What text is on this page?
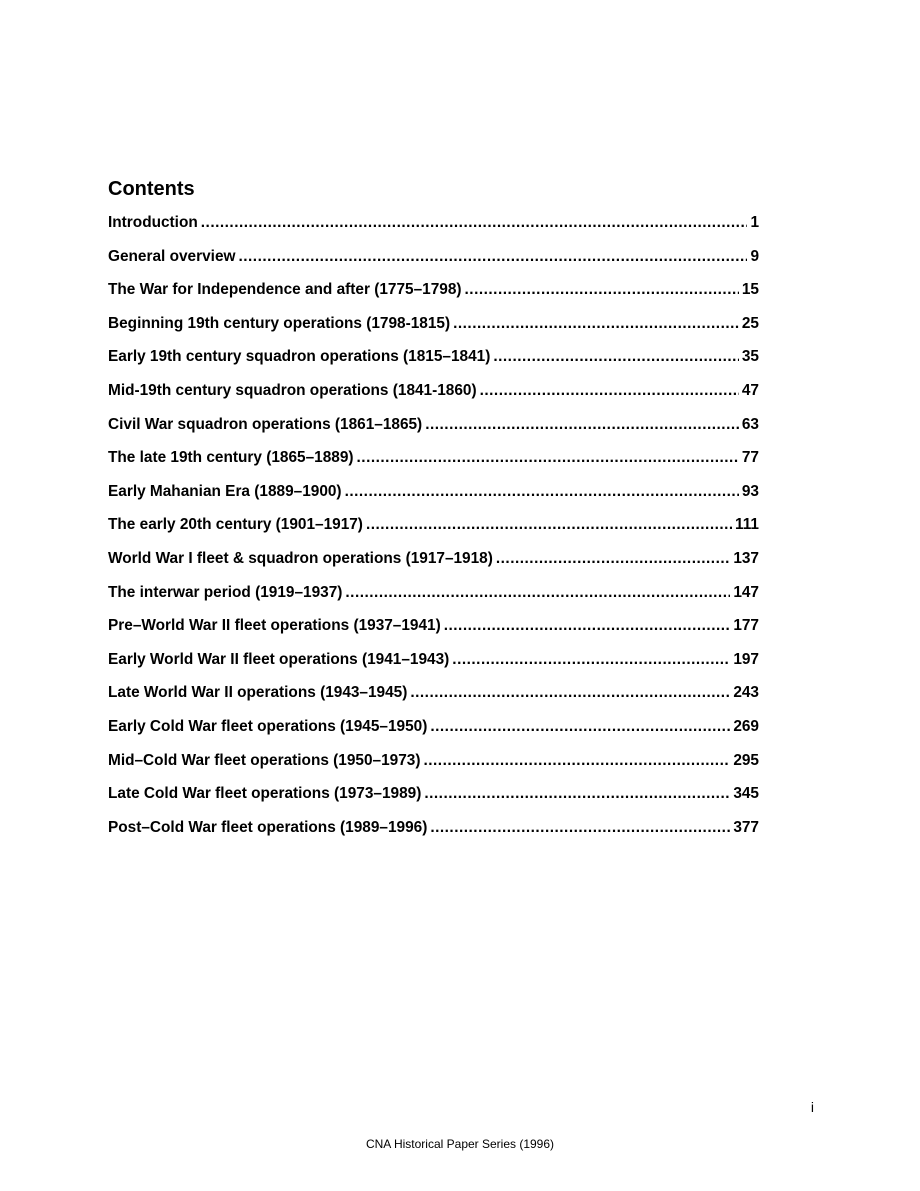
Contents
Introduction .....	1
General overview .....	9
The War for Independence and after (1775–1798) .....	15
Beginning 19th century operations (1798-1815) .....	25
Early 19th century squadron operations (1815–1841) .....	35
Mid-19th century squadron operations (1841-1860) .....	47
Civil War squadron operations (1861–1865) .....	63
The late 19th century (1865–1889) .....	77
Early Mahanian Era (1889–1900) .....	93
The early 20th century (1901–1917) .....	111
World War I fleet & squadron operations (1917–1918) .....	137
The interwar period (1919–1937) .....	147
Pre–World War II fleet operations (1937–1941) .....	177
Early World War II fleet operations (1941–1943) .....	197
Late World War II operations (1943–1945) .....	243
Early Cold War fleet operations (1945–1950) .....	269
Mid–Cold War fleet operations (1950–1973) .....	295
Late Cold War fleet operations (1973–1989) .....	345
Post–Cold War fleet operations (1989–1996) .....	377
i
CNA Historical Paper Series (1996)
